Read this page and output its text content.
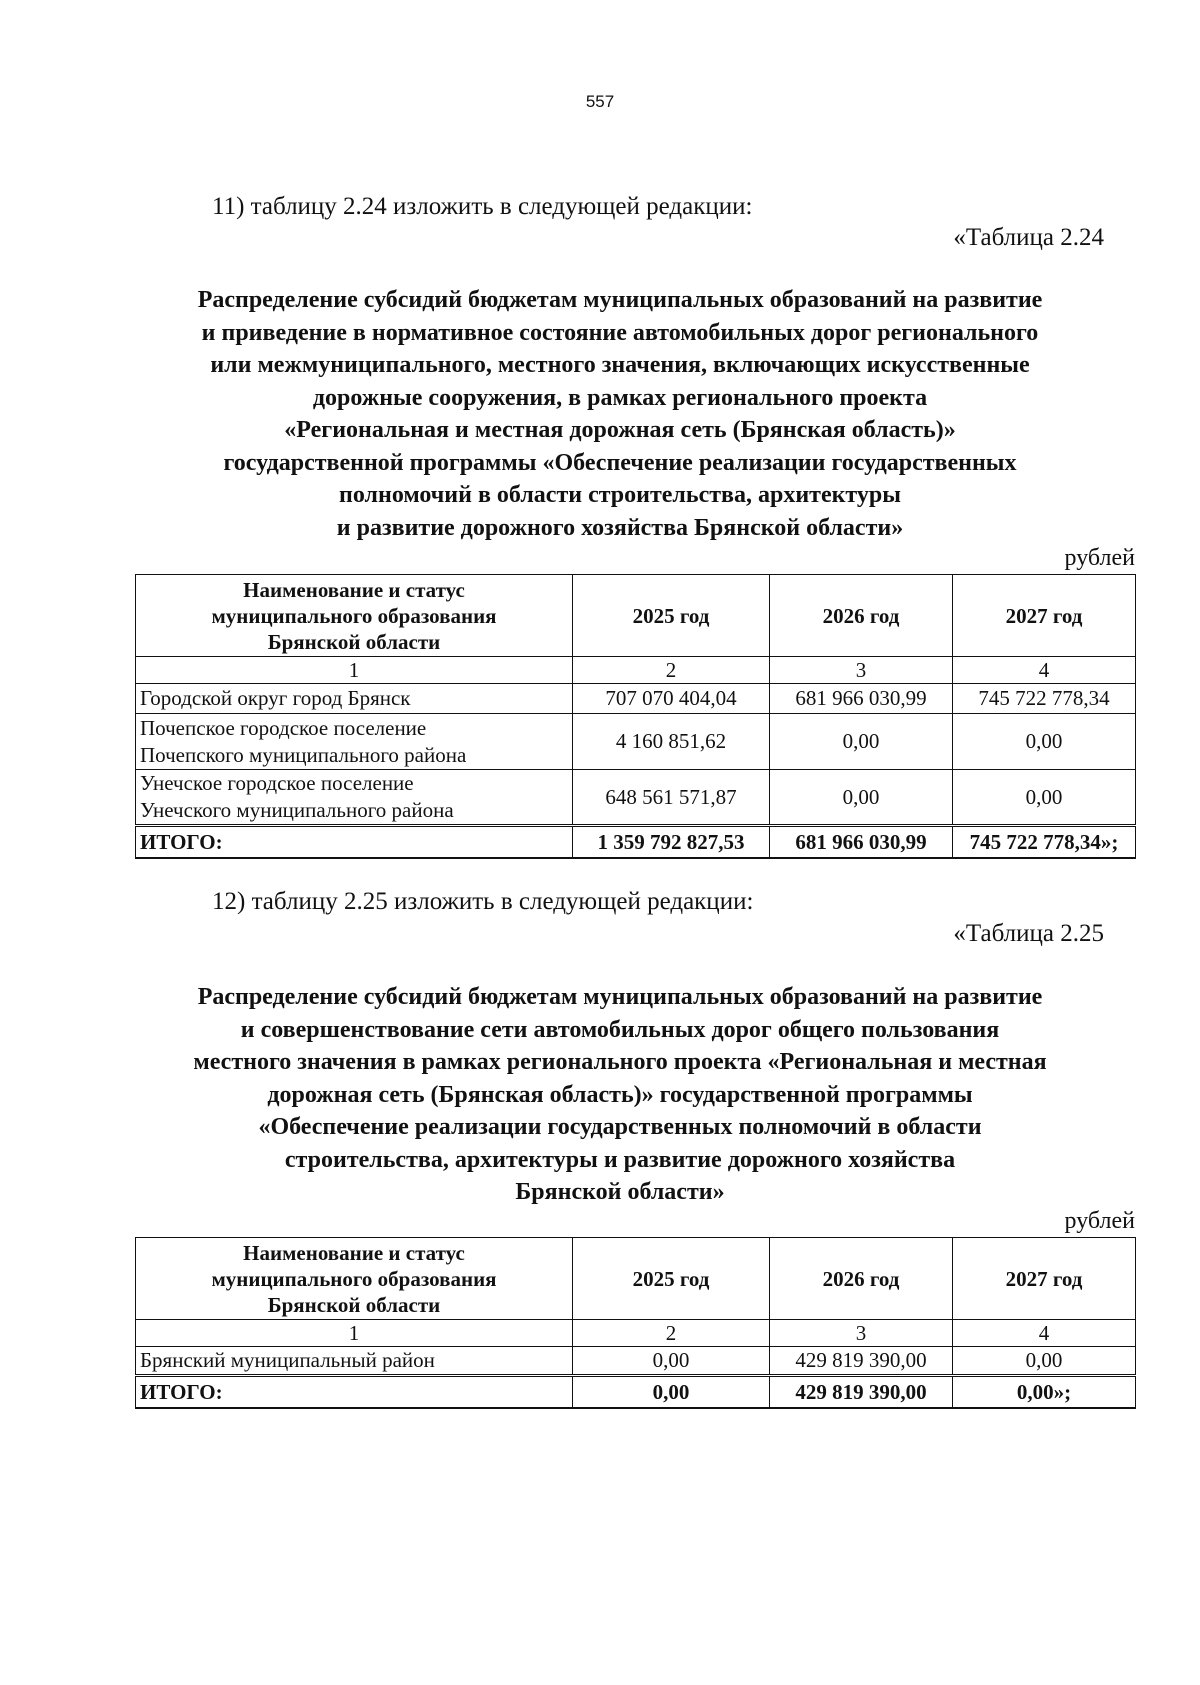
557
11) таблицу 2.24 изложить в следующей редакции:
«Таблица 2.24
Распределение субсидий бюджетам муниципальных образований на развитие
и приведение в нормативное состояние автомобильных дорог регионального
или межмуниципального, местного значения, включающих искусственные
дорожные сооружения, в рамках регионального проекта
«Региональная и местная дорожная сеть (Брянская область)»
государственной программы «Обеспечение реализации государственных
полномочий в области строительства, архитектуры
и развитие дорожного хозяйства Брянской области»
рублей
Наименование и статус
муниципального образования
Брянской области	2025 год	2026 год	2027 год
1	2	3	4

Городской округ город Брянск	707 070 404,04	681 966 030,99	745 722 778,34

Почепское городское поселение
Почепского муниципального района	4 160 851,62	0,00	0,00

Унечское городское поселение
Унечского муниципального района	648 561 571,87	0,00	0,00
ИТОГО:	1 359 792 827,53	681 966 030,99	745 722 778,34»;
12) таблицу 2.25 изложить в следующей редакции:
«Таблица 2.25
Распределение субсидий бюджетам муниципальных образований на развитие
и совершенствование сети автомобильных дорог общего пользования
местного значения в рамках регионального проекта «Региональная и местная
дорожная сеть (Брянская область)» государственной программы
«Обеспечение реализации государственных полномочий в области
строительства, архитектуры и развитие дорожного хозяйства
Брянской области»
рублей
Наименование и статус
муниципального образования
Брянской области	2025 год	2026 год	2027 год
1	2	3	4

Брянский муниципальный район	0,00	429 819 390,00	0,00
ИТОГО:	0,00	429 819 390,00	0,00»;
